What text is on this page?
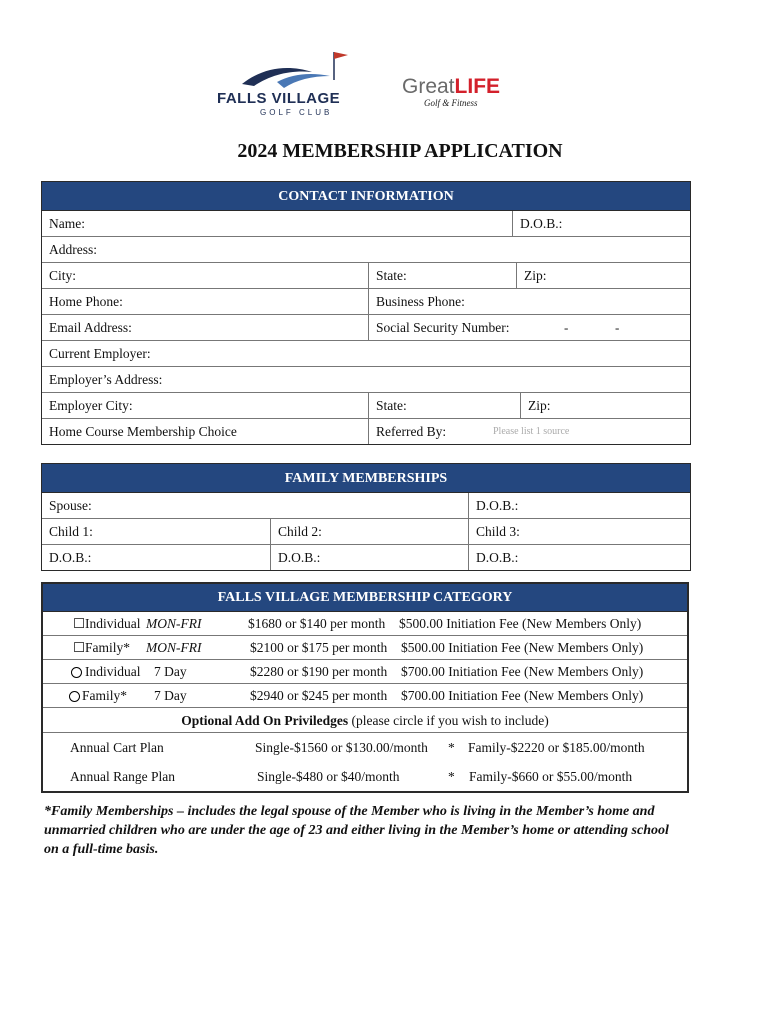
FALLS VILLAGE
GOLF CLUB
GreatLIFE
Golf & Fitness
2024 MEMBERSHIP APPLICATION
CONTACT INFORMATION
Name:	D.O.B.:
Address:
City:	State:	Zip:
Home Phone:	Business Phone:
Email Address:	Social Security Number:	-	-
Current Employer:
Employer’s Address:
Employer City:	State:	Zip:
Home Course Membership Choice	Referred By:	Please list 1 source
FAMILY MEMBERSHIPS
Spouse:	D.O.B.:
Child 1:	Child 2:	Child 3:
D.O.B.:	D.O.B.:	D.O.B.:
FALLS VILLAGE MEMBERSHIP CATEGORY
☐ Individual MON-FRI	$1680 or $140 per month $500.00 Initiation Fee (New Members Only)
☐ Family* MON-FRI	$2100 or $175 per month $500.00 Initiation Fee (New Members Only)
Individual 7 Day	$2280 or $190 per month $700.00 Initiation Fee (New Members Only)
Family* 7 Day	$2940 or $245 per month $700.00 Initiation Fee (New Members Only)
Optional Add On Priviledges (please circle if you wish to include)
Annual Cart Plan	Single-$1560 or $130.00/month * Family-$2220 or $185.00/month
Annual Range Plan	Single-$480 or $40/month	* Family-$660 or $55.00/month
*Family Memberships – includes the legal spouse of the Member who is living in the Member’s home and unmarried children who are under the age of 23 and either living in the Member’s home or attending school on a full-time basis.
